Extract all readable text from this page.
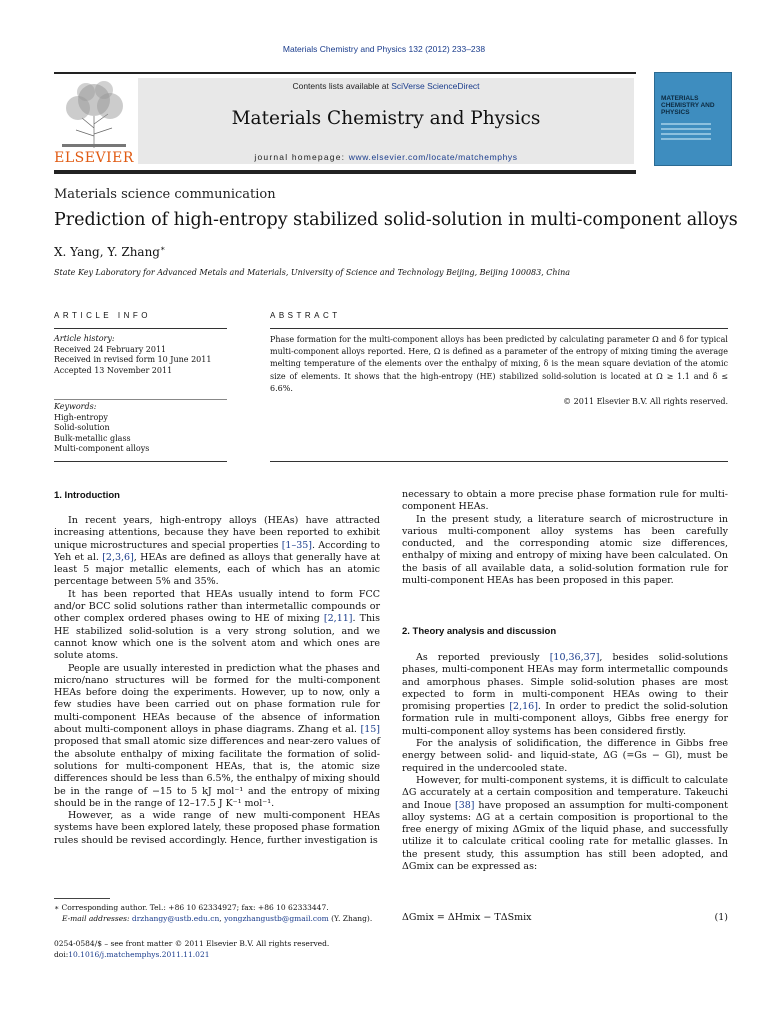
Materials Chemistry and Physics 132 (2012) 233–238
ELSEVIER
Contents lists available at SciVerse ScienceDirect
Materials Chemistry and Physics
journal homepage: www.elsevier.com/locate/matchemphys
MATERIALS CHEMISTRY AND PHYSICS
Materials science communication
Prediction of high-entropy stabilized solid-solution in multi-component alloys
X. Yang, Y. Zhang∗
State Key Laboratory for Advanced Metals and Materials, University of Science and Technology Beijing, Beijing 100083, China
ARTICLE INFO	ABSTRACT
Article history:
Received 24 February 2011
Received in revised form 10 June 2011
Accepted 13 November 2011
Keywords:
High-entropy
Solid-solution
Bulk-metallic glass
Multi-component alloys
Phase formation for the multi-component alloys has been predicted by calculating parameter Ω and δ for typical multi-component alloys reported. Here, Ω is defined as a parameter of the entropy of mixing timing the average melting temperature of the elements over the enthalpy of mixing, δ is the mean square deviation of the atomic size of elements. It shows that the high-entropy (HE) stabilized solid-solution is located at Ω ≥ 1.1 and δ ≤ 6.6%.
© 2011 Elsevier B.V. All rights reserved.
1. Introduction

In recent years, high-entropy alloys (HEAs) have attracted increasing attentions, because they have been reported to exhibit unique microstructures and special properties [1–35]. According to Yeh et al. [2,3,6], HEAs are defined as alloys that generally have at least 5 major metallic elements, each of which has an atomic percentage between 5% and 35%.

It has been reported that HEAs usually intend to form FCC and/or BCC solid solutions rather than intermetallic compounds or other complex ordered phases owing to HE of mixing [2,11]. This HE stabilized solid-solution is a very strong solution, and we cannot know which one is the solvent atom and which ones are solute atoms.

People are usually interested in prediction what the phases and micro/nano structures will be formed for the multi-component HEAs before doing the experiments. However, up to now, only a few studies have been carried out on phase formation rule for multi-component HEAs because of the absence of information about multi-component alloys in phase diagrams. Zhang et al. [15] proposed that small atomic size differences and near-zero values of the absolute enthalpy of mixing facilitate the formation of solid-solutions for multi-component HEAs, that is, the atomic size differences should be less than 6.5%, the enthalpy of mixing should be in the range of −15 to 5 kJ mol⁻¹ and the entropy of mixing should be in the range of 12–17.5 J K⁻¹ mol⁻¹.

However, as a wide range of new multi-component HEAs systems have been explored lately, these proposed phase formation rules should be revised accordingly. Hence, further investigation is

necessary to obtain a more precise phase formation rule for multi-component HEAs.

In the present study, a literature search of microstructure in various multi-component alloy systems has been carefully conducted, and the corresponding atomic size differences, enthalpy of mixing and entropy of mixing have been calculated. On the basis of all available data, a solid-solution formation rule for multi-component HEAs has been proposed in this paper.

2. Theory analysis and discussion

As reported previously [10,36,37], besides solid-solutions phases, multi-component HEAs may form intermetallic compounds and amorphous phases. Simple solid-solution phases are most expected to form in multi-component HEAs owing to their promising properties [2,16]. In order to predict the solid-solution formation rule in multi-component alloys, Gibbs free energy for multi-component alloy systems has been considered firstly.

For the analysis of solidification, the difference in Gibbs free energy between solid- and liquid-state, ΔG (=Gs − Gl), must be required in the undercooled state.

However, for multi-component systems, it is difficult to calculate ΔG accurately at a certain composition and temperature. Takeuchi and Inoue [38] have proposed an assumption for multi-component alloy systems: ΔG at a certain composition is proportional to the free energy of mixing ΔGmix of the liquid phase, and successfully utilize it to calculate critical cooling rate for metallic glasses. In the present study, this assumption has still been adopted, and ΔGmix can be expressed as:

ΔGmix = ΔHmix − TΔSmix	(1)
∗ Corresponding author. Tel.: +86 10 62334927; fax: +86 10 62333447.
E-mail addresses: drzhangy@ustb.edu.cn, yongzhangustb@gmail.com (Y. Zhang).
0254-0584/$ – see front matter © 2011 Elsevier B.V. All rights reserved.
doi:10.1016/j.matchemphys.2011.11.021
